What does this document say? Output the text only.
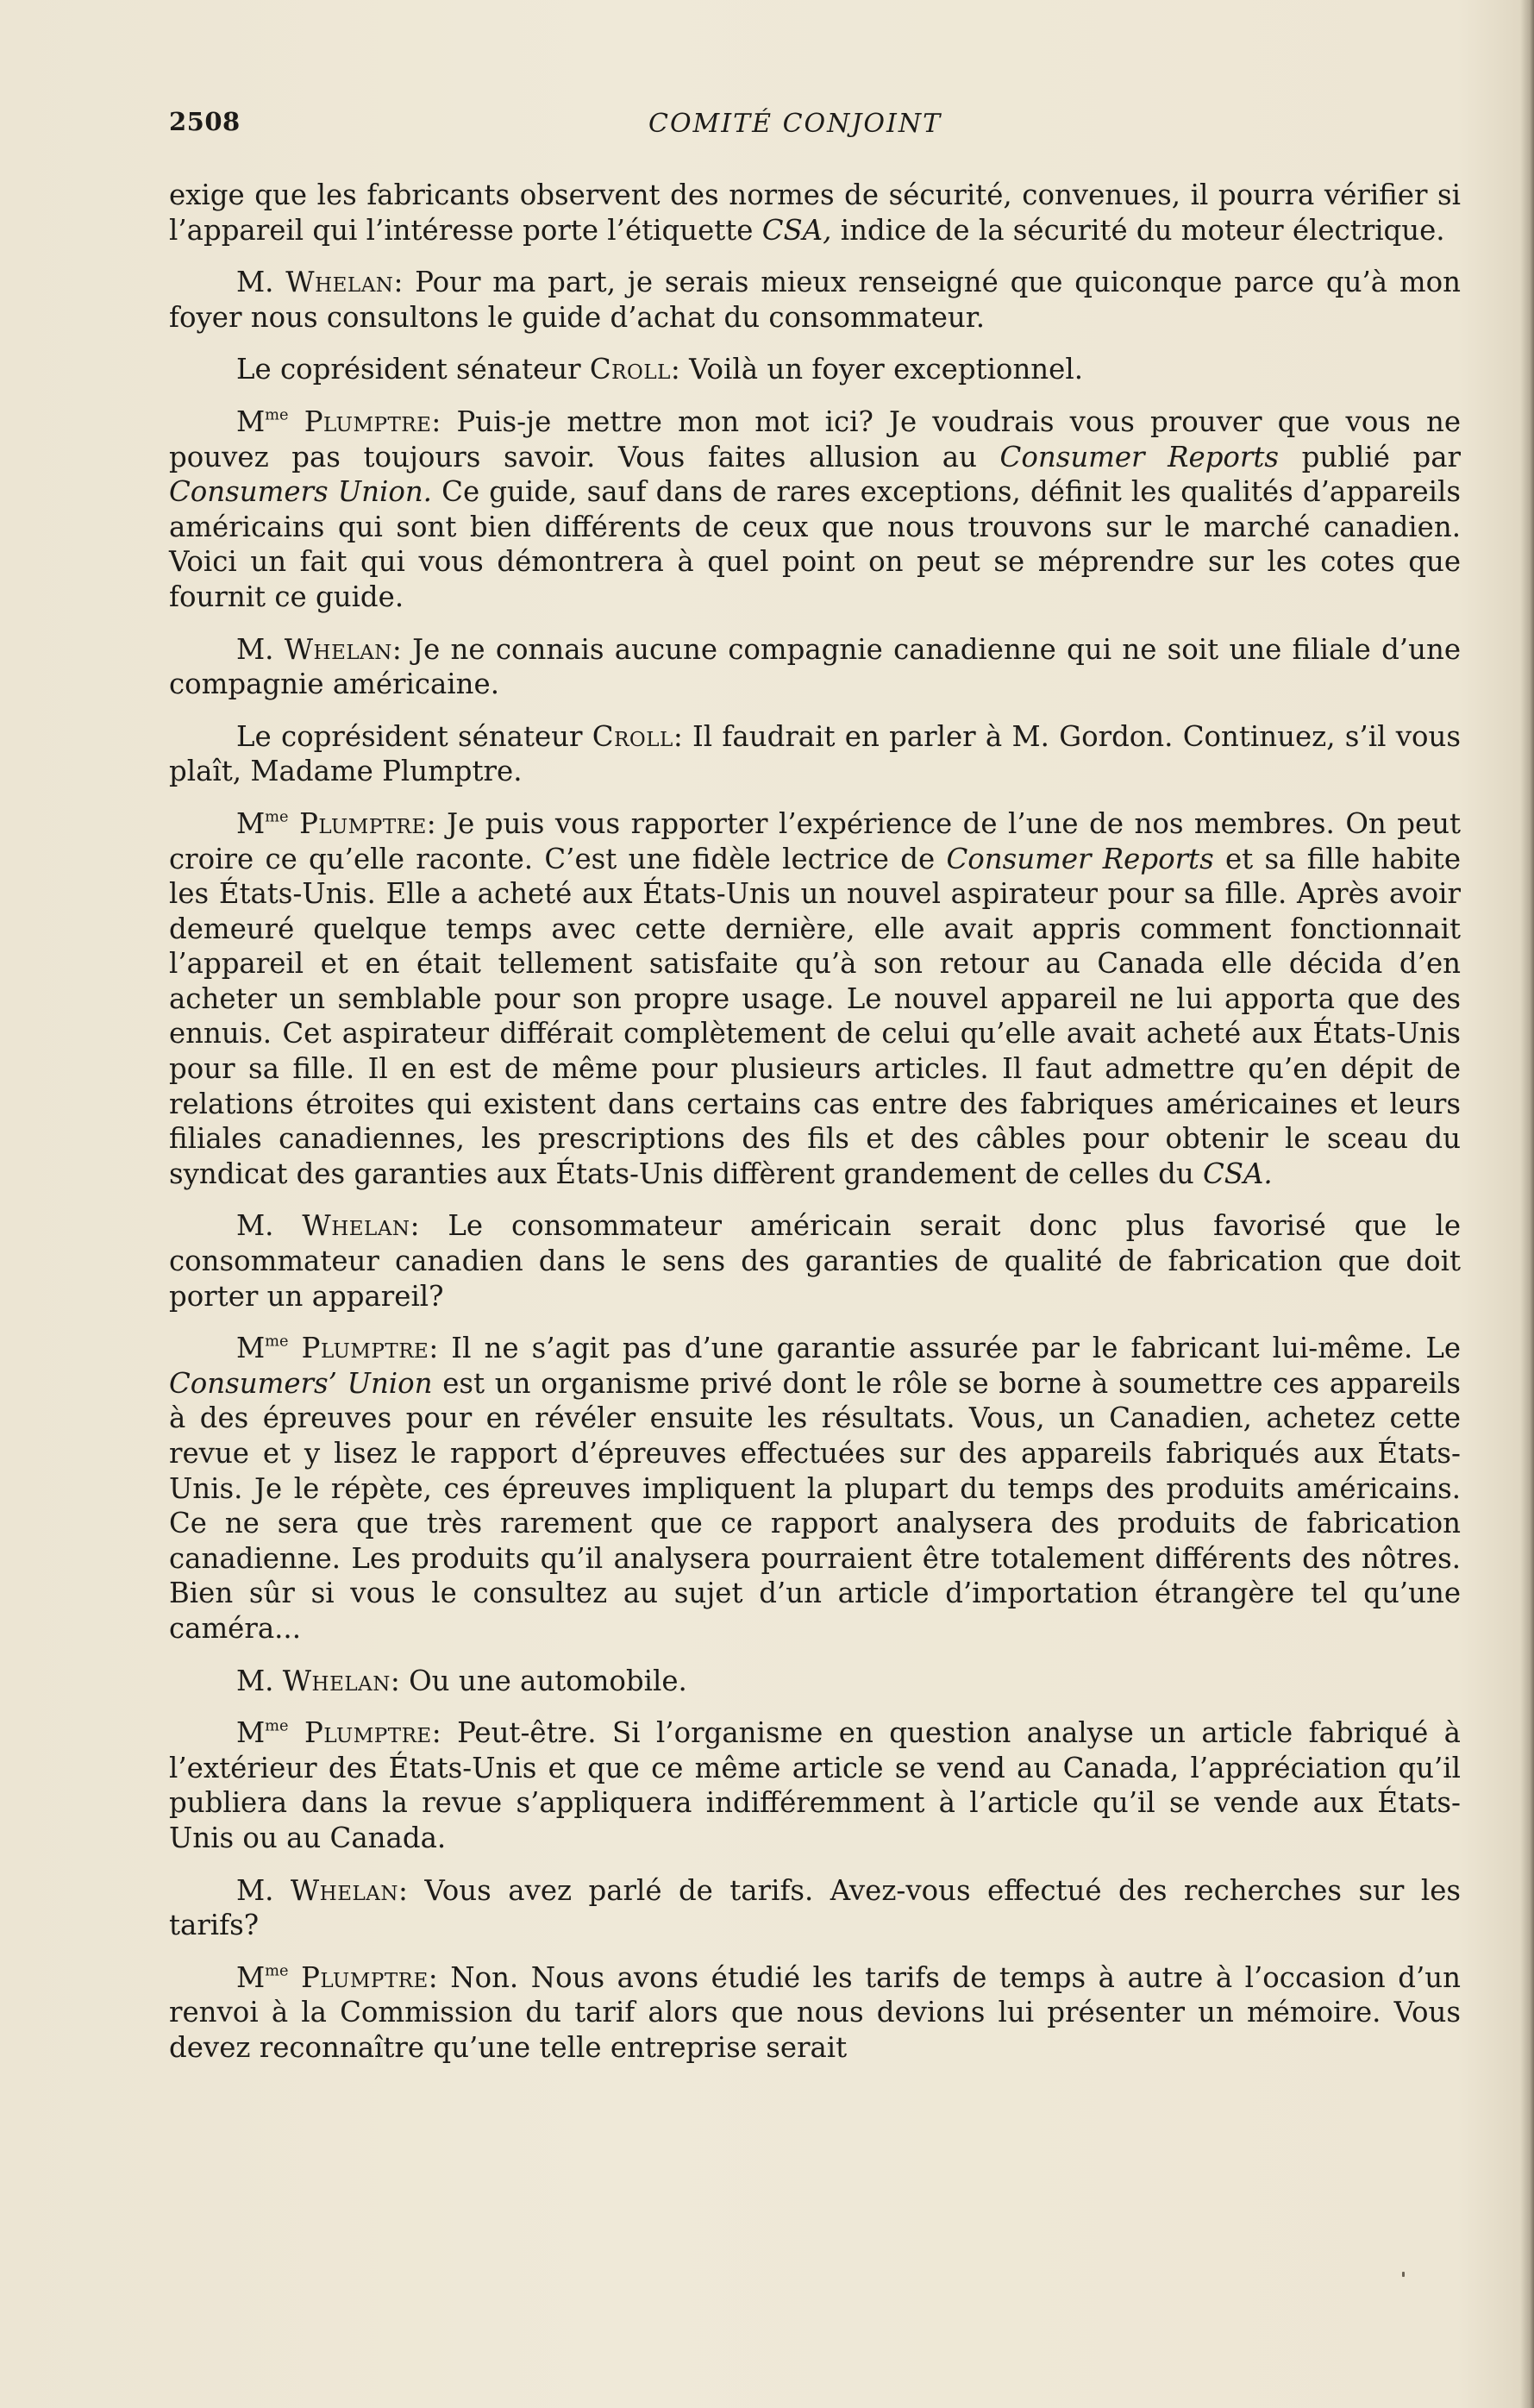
2508	COMITÉ CONJOINT

exige que les fabricants observent des normes de sécurité, convenues, il pourra vérifier si l’appareil qui l’intéresse porte l’étiquette CSA, indice de la sécurité du moteur électrique.

M. Whelan: Pour ma part, je serais mieux renseigné que quiconque parce qu’à mon foyer nous consultons le guide d’achat du consommateur.

Le coprésident sénateur Croll: Voilà un foyer exceptionnel.

$M^{me}$ Plumptre: Puis-je mettre mon mot ici? Je voudrais vous prouver que vous ne pouvez pas toujours savoir. Vous faites allusion au Consumer Reports publié par Consumers Union. Ce guide, sauf dans de rares exceptions, définit les qualités d’appareils américains qui sont bien différents de ceux que nous trouvons sur le marché canadien. Voici un fait qui vous démontrera à quel point on peut se méprendre sur les cotes que fournit ce guide.

M. Whelan: Je ne connais aucune compagnie canadienne qui ne soit une filiale d’une compagnie américaine.

Le coprésident sénateur Croll: Il faudrait en parler à M. Gordon. Continuez, s’il vous plaît, Madame Plumptre.

$M^{me}$ Plumptre: Je puis vous rapporter l’expérience de l’une de nos membres. On peut croire ce qu’elle raconte. C’est une fidèle lectrice de Consumer Reports et sa fille habite les États-Unis. Elle a acheté aux États-Unis un nouvel aspirateur pour sa fille. Après avoir demeuré quelque temps avec cette dernière, elle avait appris comment fonctionnait l’appareil et en était tellement satisfaite qu’à son retour au Canada elle décida d’en acheter un semblable pour son propre usage. Le nouvel appareil ne lui apporta que des ennuis. Cet aspirateur différait complètement de celui qu’elle avait acheté aux États-Unis pour sa fille. Il en est de même pour plusieurs articles. Il faut admettre qu’en dépit de relations étroites qui existent dans certains cas entre des fabriques américaines et leurs filiales canadiennes, les prescriptions des fils et des câbles pour obtenir le sceau du syndicat des garanties aux États-Unis diffèrent grandement de celles du CSA.

M. Whelan: Le consommateur américain serait donc plus favorisé que le consommateur canadien dans le sens des garanties de qualité de fabrication que doit porter un appareil?

$M^{me}$ Plumptre: Il ne s’agit pas d’une garantie assurée par le fabricant lui-même. Le Consumers’ Union est un organisme privé dont le rôle se borne à soumettre ces appareils à des épreuves pour en révéler ensuite les résultats. Vous, un Canadien, achetez cette revue et y lisez le rapport d’épreuves effectuées sur des appareils fabriqués aux États-Unis. Je le répète, ces épreuves impliquent la plupart du temps des produits américains. Ce ne sera que très rarement que ce rapport analysera des produits de fabrication canadienne. Les produits qu’il analysera pourraient être totalement différents des nôtres. Bien sûr si vous le consultez au sujet d’un article d’importation étrangère tel qu’une caméra...

M. Whelan: Ou une automobile.

$M^{me}$ Plumptre: Peut-être. Si l’organisme en question analyse un article fabriqué à l’extérieur des États-Unis et que ce même article se vend au Canada, l’appréciation qu’il publiera dans la revue s’appliquera indifféremment à l’article qu’il se vende aux États-Unis ou au Canada.

M. Whelan: Vous avez parlé de tarifs. Avez-vous effectué des recherches sur les tarifs?

$M^{me}$ Plumptre: Non. Nous avons étudié les tarifs de temps à autre à l’occasion d’un renvoi à la Commission du tarif alors que nous devions lui présenter un mémoire. Vous devez reconnaître qu’une telle entreprise serait
